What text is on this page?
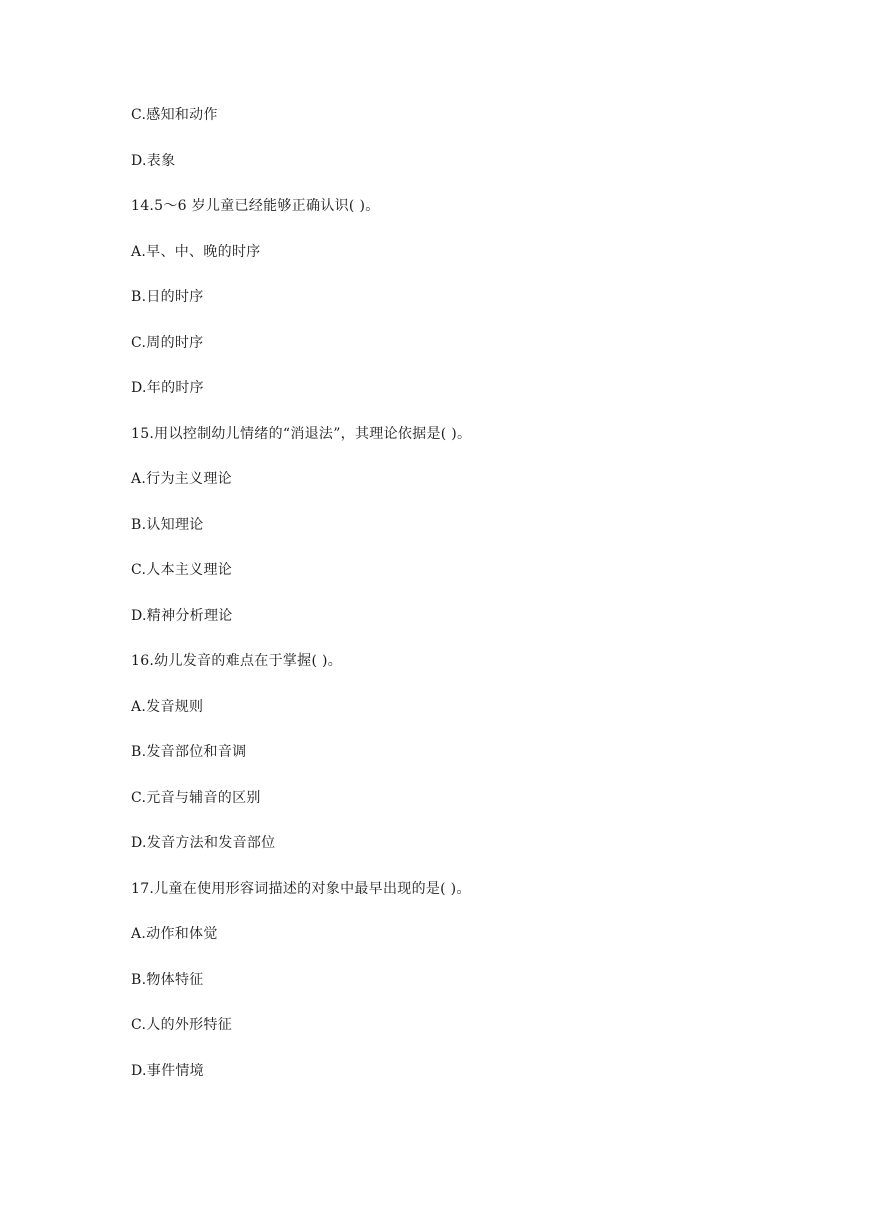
C.感知和动作
D.表象
14.5～6 岁儿童已经能够正确认识( )。
A.早、中、晚的时序
B.日的时序
C.周的时序
D.年的时序
15.用以控制幼儿情绪的“消退法”，其理论依据是( )。
A.行为主义理论
B.认知理论
C.人本主义理论
D.精神分析理论
16.幼儿发音的难点在于掌握( )。
A.发音规则
B.发音部位和音调
C.元音与辅音的区别
D.发音方法和发音部位
17.儿童在使用形容词描述的对象中最早出现的是( )。
A.动作和体觉
B.物体特征
C.人的外形特征
D.事件情境
